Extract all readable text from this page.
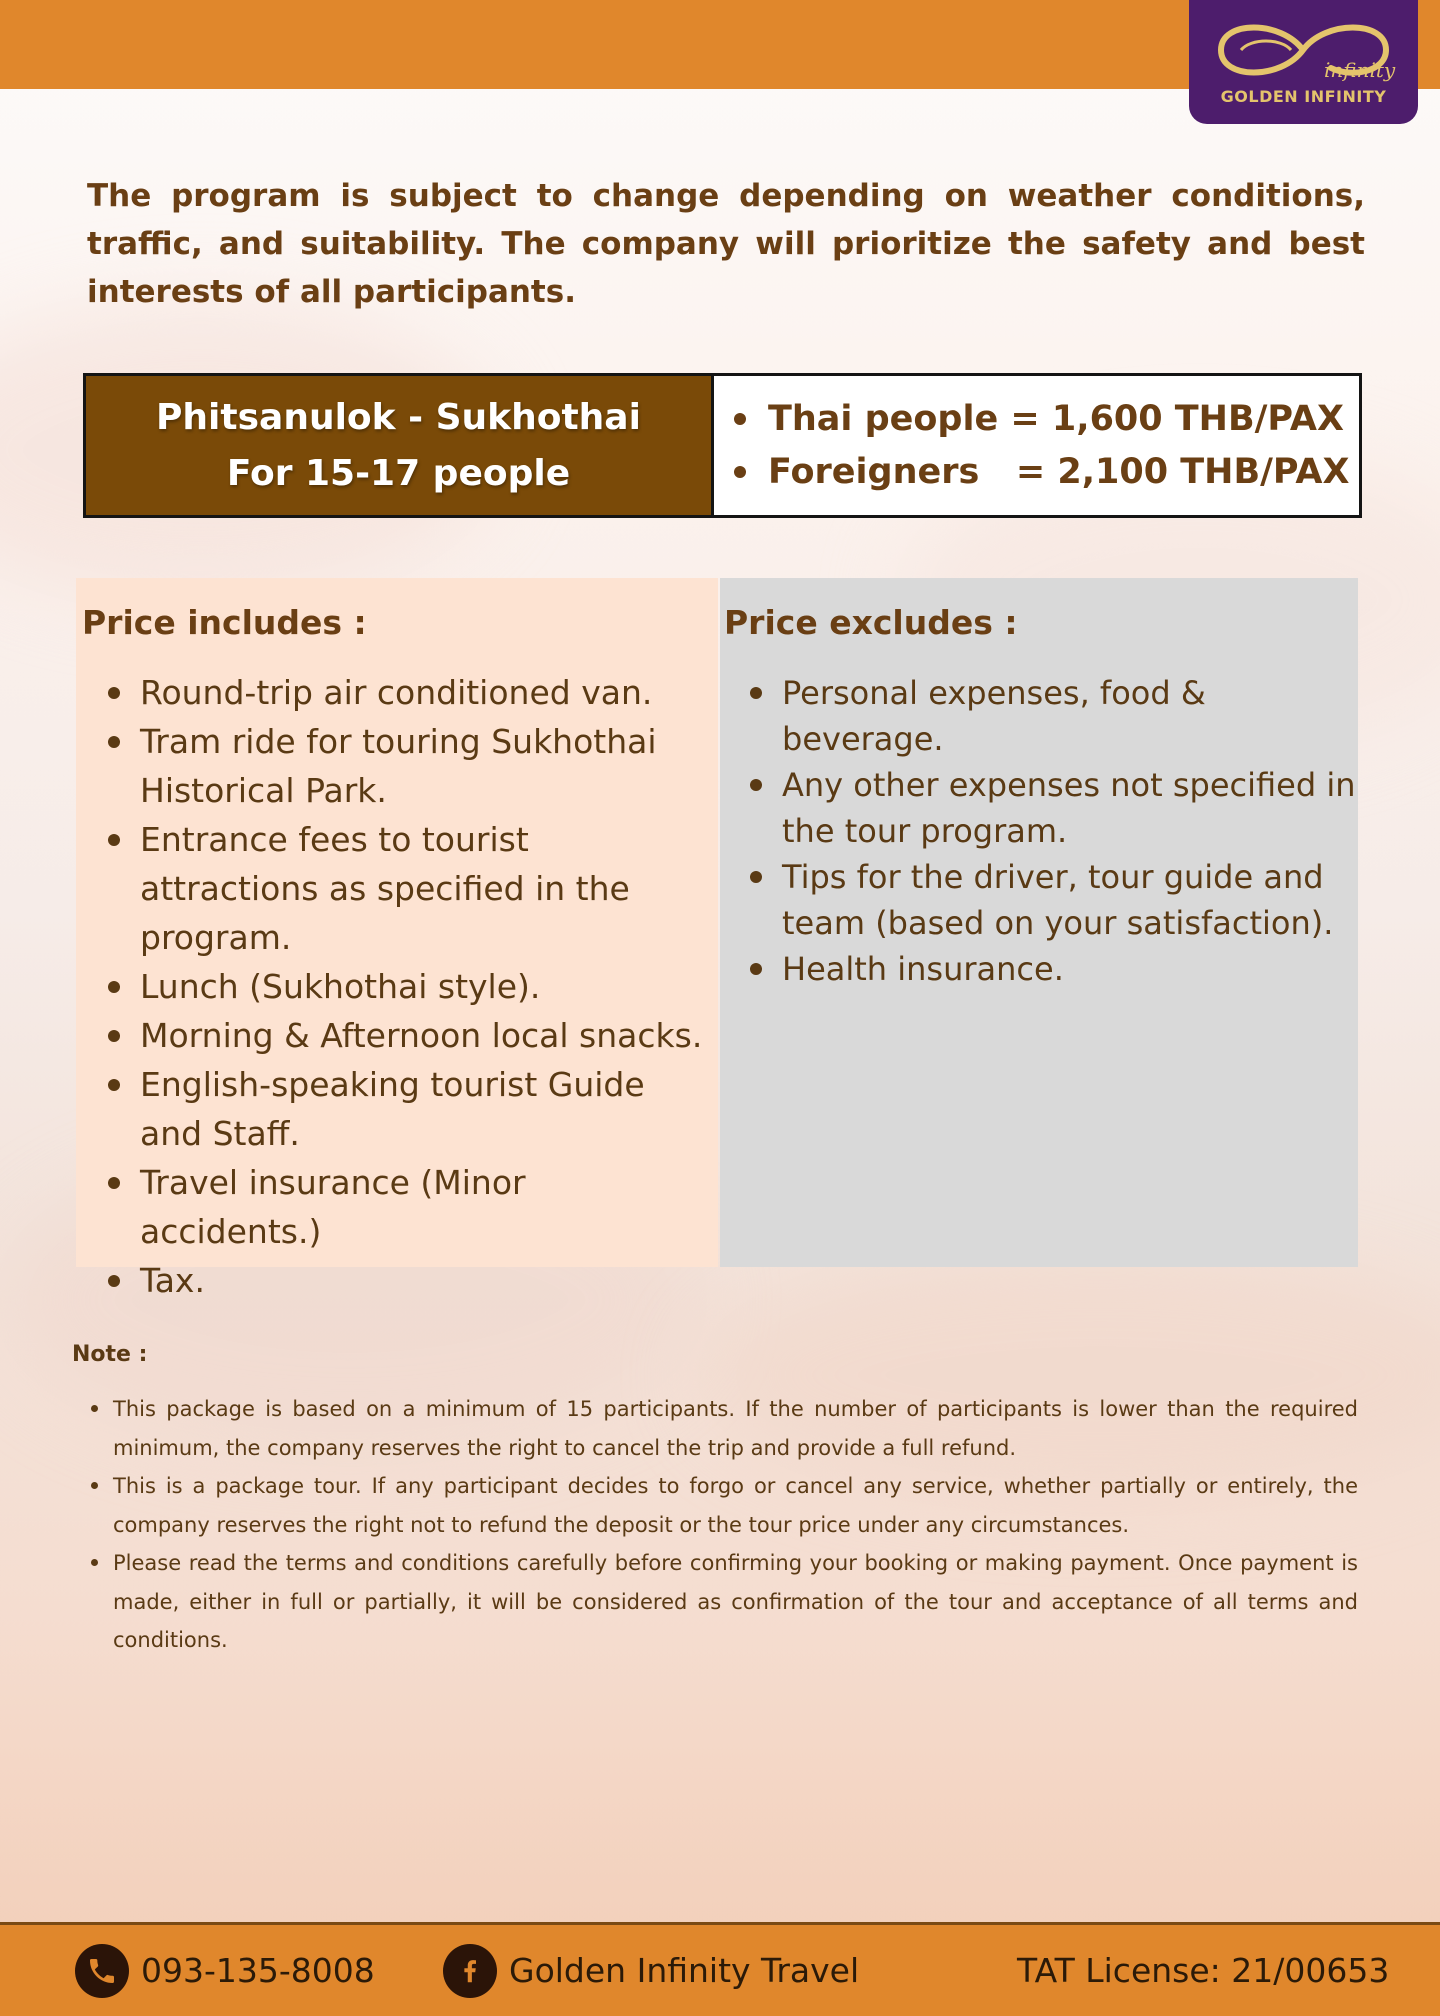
infinity
GOLDEN INFINITY
The program is subject to change depending on weather conditions, traffic, and suitability. The company will prioritize the safety and best interests of all participants.
Phitsanulok - Sukhothai
For 15-17 people
Thai people = 1,600 THB/PAX
Foreigners   = 2,100 THB/PAX
Price includes :
Round-trip air conditioned van.
Tram ride for touring Sukhothai Historical Park.
Entrance fees to tourist attractions as specified in the program.
Lunch (Sukhothai style).
Morning & Afternoon local snacks.
English-speaking tourist Guide and Staff.
Travel insurance (Minor accidents.)
Tax.
Price excludes :
Personal expenses, food & beverage.
Any other expenses not specified in the tour program.
Tips for the driver, tour guide and team (based on your satisfaction).
Health insurance.
Note :
This package is based on a minimum of 15 participants. If the number of participants is lower than the required minimum, the company reserves the right to cancel the trip and provide a full refund.
This is a package tour. If any participant decides to forgo or cancel any service, whether partially or entirely, the company reserves the right not to refund the deposit or the tour price under any circumstances.
Please read the terms and conditions carefully before confirming your booking or making payment. Once payment is made, either in full or partially, it will be considered as confirmation of the tour and acceptance of all terms and conditions.
093-135-8008	Golden Infinity Travel	TAT License: 21/00653
